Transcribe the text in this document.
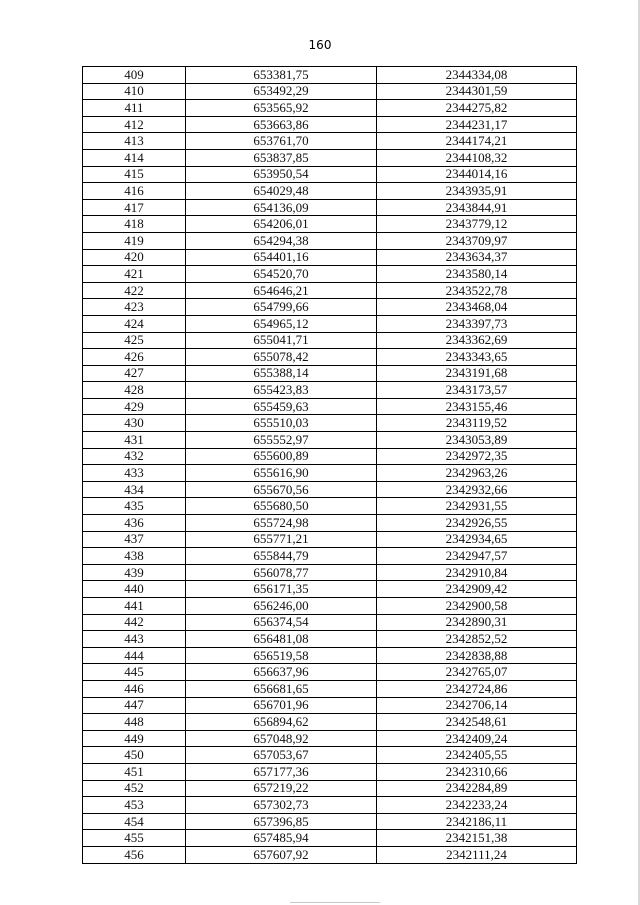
160
409	653381,75	2344334,08
410	653492,29	2344301,59
411	653565,92	2344275,82
412	653663,86	2344231,17
413	653761,70	2344174,21
414	653837,85	2344108,32
415	653950,54	2344014,16
416	654029,48	2343935,91
417	654136,09	2343844,91
418	654206,01	2343779,12
419	654294,38	2343709,97
420	654401,16	2343634,37
421	654520,70	2343580,14
422	654646,21	2343522,78
423	654799,66	2343468,04
424	654965,12	2343397,73
425	655041,71	2343362,69
426	655078,42	2343343,65
427	655388,14	2343191,68
428	655423,83	2343173,57
429	655459,63	2343155,46
430	655510,03	2343119,52
431	655552,97	2343053,89
432	655600,89	2342972,35
433	655616,90	2342963,26
434	655670,56	2342932,66
435	655680,50	2342931,55
436	655724,98	2342926,55
437	655771,21	2342934,65
438	655844,79	2342947,57
439	656078,77	2342910,84
440	656171,35	2342909,42
441	656246,00	2342900,58
442	656374,54	2342890,31
443	656481,08	2342852,52
444	656519,58	2342838,88
445	656637,96	2342765,07
446	656681,65	2342724,86
447	656701,96	2342706,14
448	656894,62	2342548,61
449	657048,92	2342409,24
450	657053,67	2342405,55
451	657177,36	2342310,66
452	657219,22	2342284,89
453	657302,73	2342233,24
454	657396,85	2342186,11
455	657485,94	2342151,38
456	657607,92	2342111,24
